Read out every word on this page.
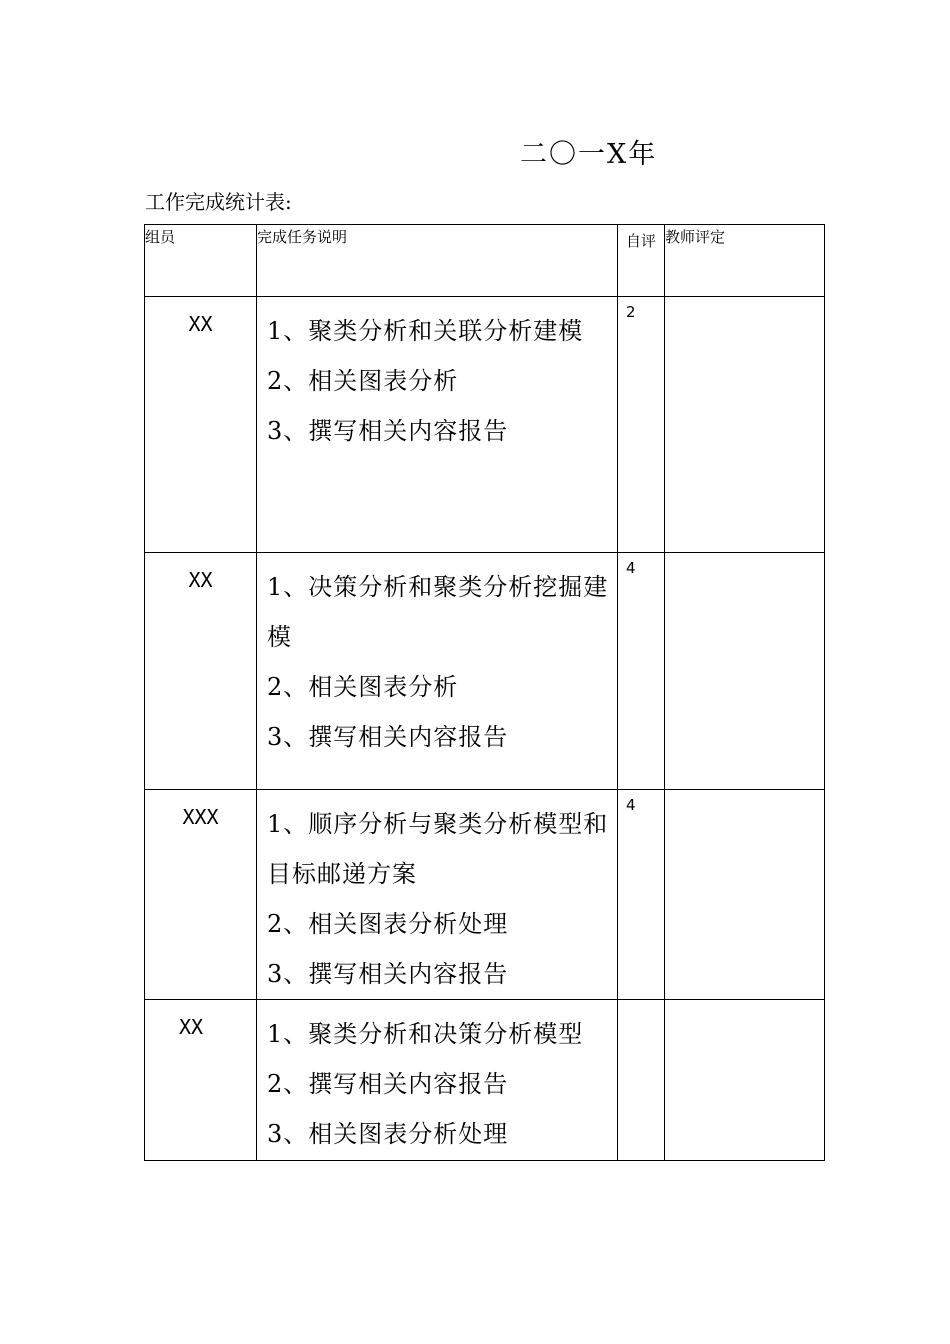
二〇一X年
工作完成统计表:
组员	完成任务说明	自评	教师评定
XX	1、聚类分析和关联分析建模
2、相关图表分析
3、撰写相关内容报告	2	
XX	1、决策分析和聚类分析挖掘建模
2、相关图表分析
3、撰写相关内容报告	4	
XXX	1、顺序分析与聚类分析模型和目标邮递方案
2、相关图表分析处理
3、撰写相关内容报告	4	
XX	1、聚类分析和决策分析模型
2、撰写相关内容报告
3、相关图表分析处理		
